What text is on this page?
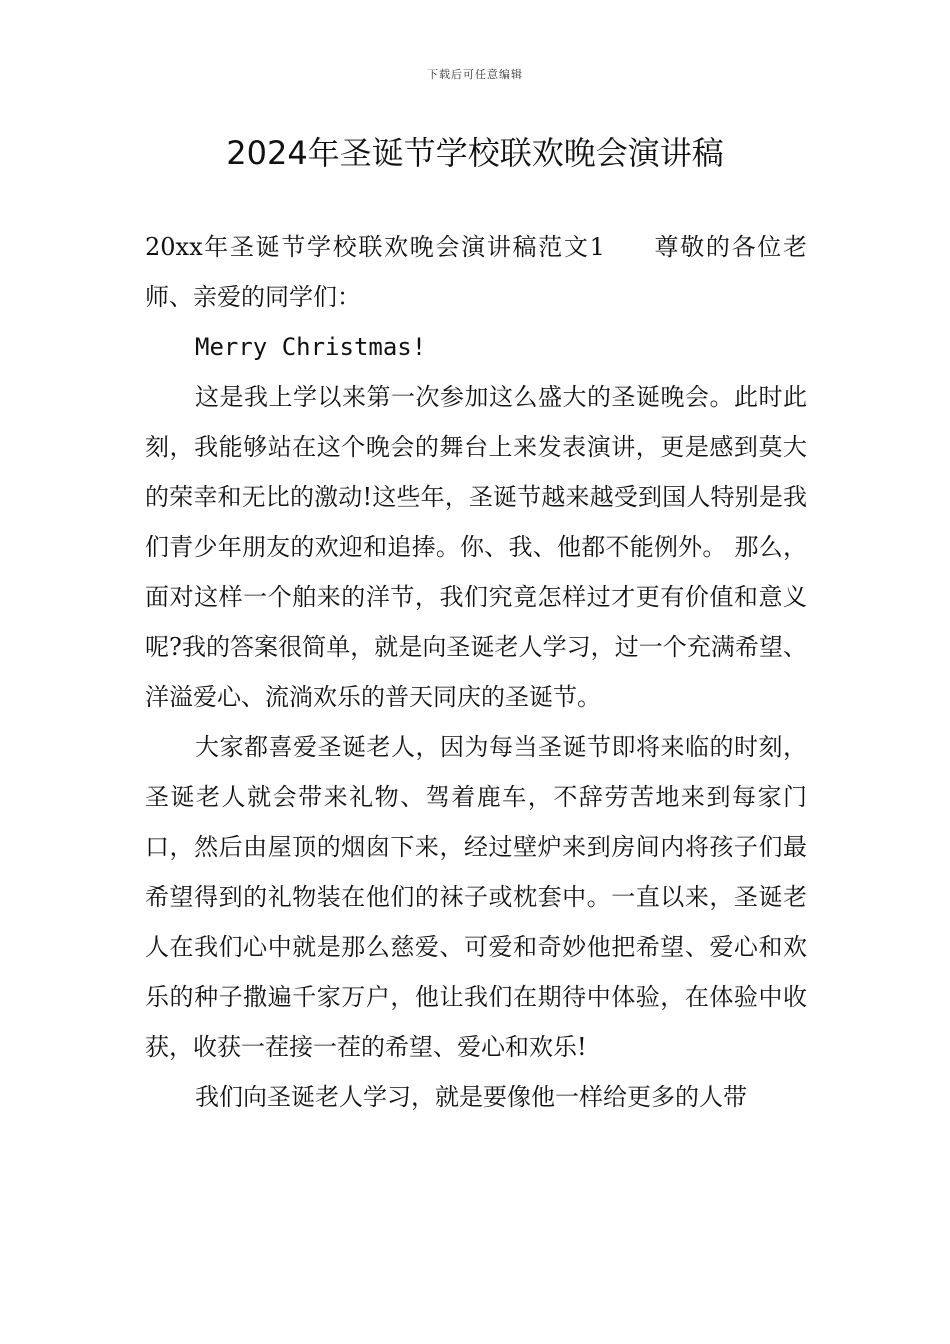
下载后可任意编辑
2024年圣诞节学校联欢晚会演讲稿

20xx年圣诞节学校联欢晚会演讲稿范文1 尊敬的各位老师、亲爱的同学们：

Merry Christmas!

这是我上学以来第一次参加这么盛大的圣诞晚会。此时此刻，我能够站在这个晚会的舞台上来发表演讲，更是感到莫大的荣幸和无比的激动!这些年，圣诞节越来越受到国人特别是我们青少年朋友的欢迎和追捧。你、我、他都不能例外。 那么，面对这样一个舶来的洋节，我们究竟怎样过才更有价值和意义呢?我的答案很简单，就是向圣诞老人学习，过一个充满希望、洋溢爱心、流淌欢乐的普天同庆的圣诞节。

大家都喜爱圣诞老人，因为每当圣诞节即将来临的时刻，圣诞老人就会带来礼物、驾着鹿车，不辞劳苦地来到每家门口，然后由屋顶的烟囱下来，经过壁炉来到房间内将孩子们最希望得到的礼物装在他们的袜子或枕套中。一直以来，圣诞老人在我们心中就是那么慈爱、可爱和奇妙他把希望、爱心和欢乐的种子撒遍千家万户，他让我们在期待中体验，在体验中收获，收获一茬接一茬的希望、爱心和欢乐!

我们向圣诞老人学习，就是要像他一样给更多的人带
